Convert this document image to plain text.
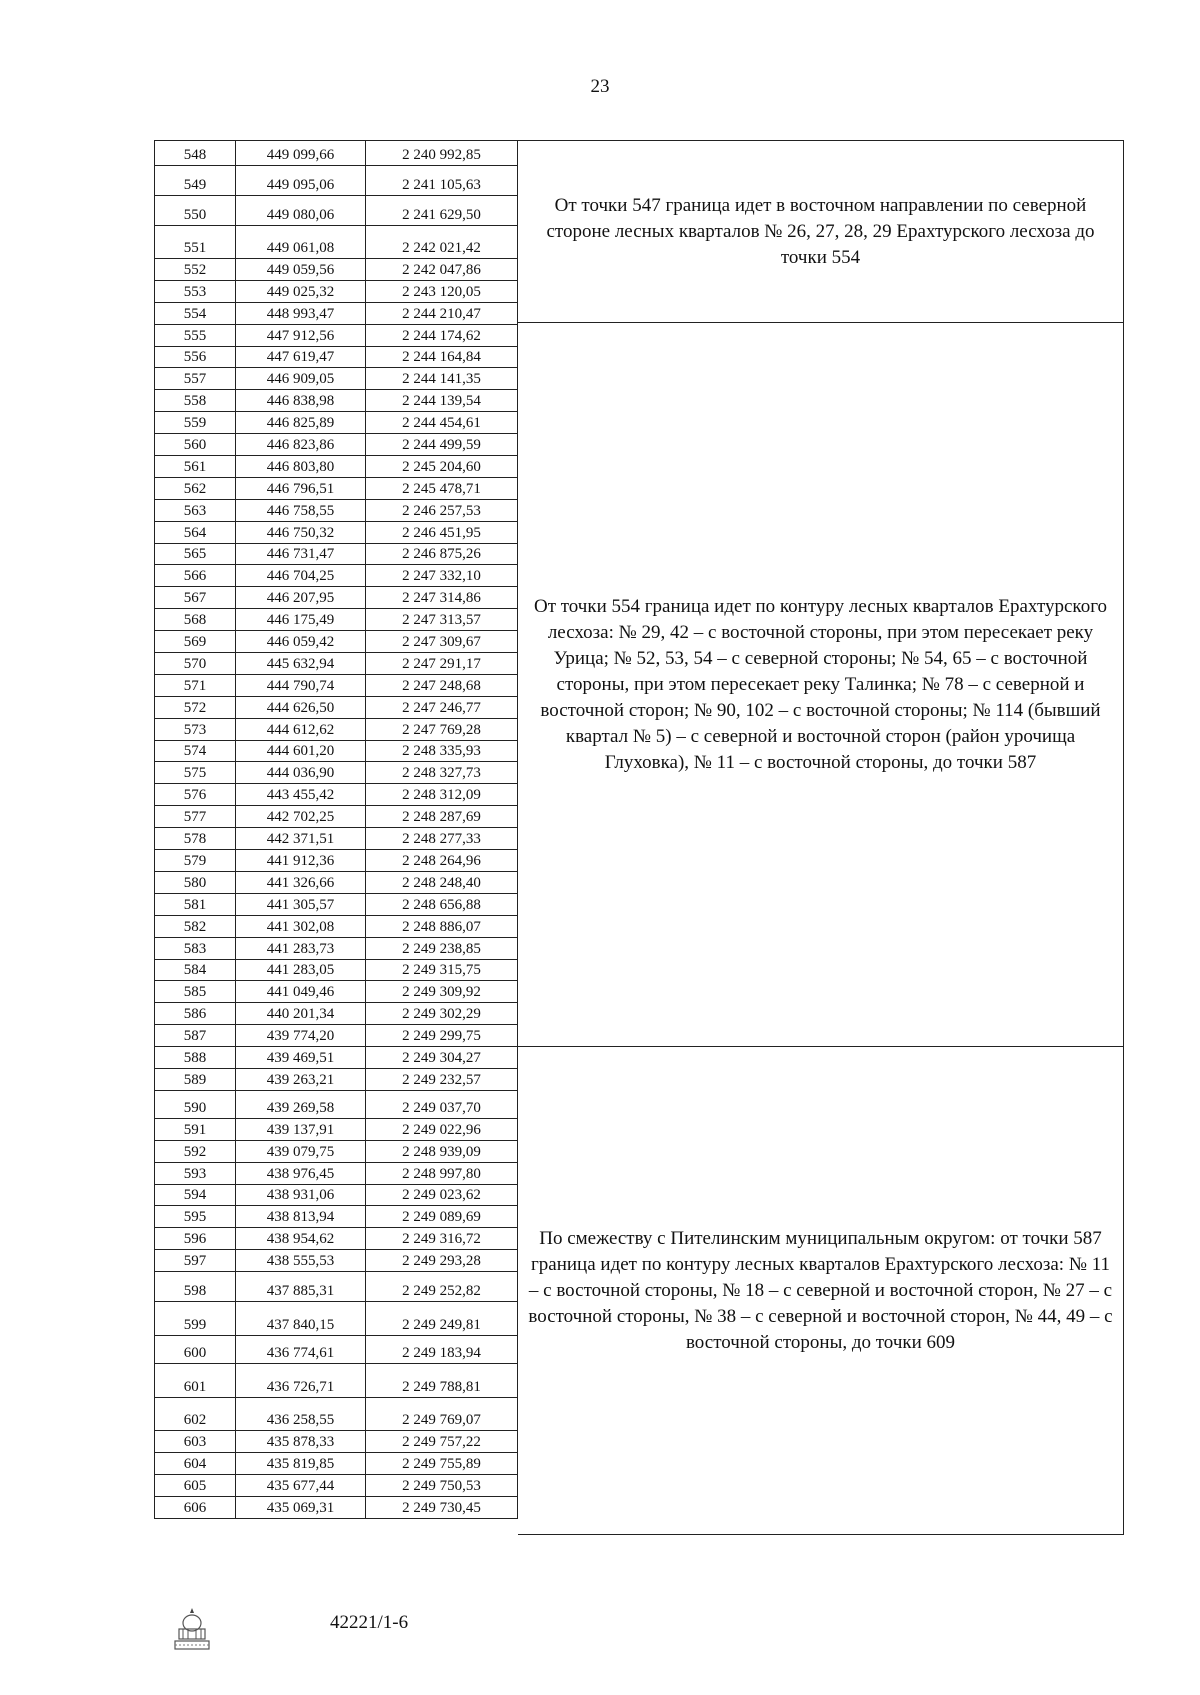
23
548	449 099,66	2 240 992,85
549	449 095,06	2 241 105,63
550	449 080,06	2 241 629,50
551	449 061,08	2 242 021,42
552	449 059,56	2 242 047,86
553	449 025,32	2 243 120,05
554	448 993,47	2 244 210,47
555	447 912,56	2 244 174,62
556	447 619,47	2 244 164,84
557	446 909,05	2 244 141,35
558	446 838,98	2 244 139,54
559	446 825,89	2 244 454,61
560	446 823,86	2 244 499,59
561	446 803,80	2 245 204,60
562	446 796,51	2 245 478,71
563	446 758,55	2 246 257,53
564	446 750,32	2 246 451,95
565	446 731,47	2 246 875,26
566	446 704,25	2 247 332,10
567	446 207,95	2 247 314,86
568	446 175,49	2 247 313,57
569	446 059,42	2 247 309,67
570	445 632,94	2 247 291,17
571	444 790,74	2 247 248,68
572	444 626,50	2 247 246,77
573	444 612,62	2 247 769,28
574	444 601,20	2 248 335,93
575	444 036,90	2 248 327,73
576	443 455,42	2 248 312,09
577	442 702,25	2 248 287,69
578	442 371,51	2 248 277,33
579	441 912,36	2 248 264,96
580	441 326,66	2 248 248,40
581	441 305,57	2 248 656,88
582	441 302,08	2 248 886,07
583	441 283,73	2 249 238,85
584	441 283,05	2 249 315,75
585	441 049,46	2 249 309,92
586	440 201,34	2 249 302,29
587	439 774,20	2 249 299,75
588	439 469,51	2 249 304,27
589	439 263,21	2 249 232,57
590	439 269,58	2 249 037,70
591	439 137,91	2 249 022,96
592	439 079,75	2 248 939,09
593	438 976,45	2 248 997,80
594	438 931,06	2 249 023,62
595	438 813,94	2 249 089,69
596	438 954,62	2 249 316,72
597	438 555,53	2 249 293,28
598	437 885,31	2 249 252,82
599	437 840,15	2 249 249,81
600	436 774,61	2 249 183,94
601	436 726,71	2 249 788,81
602	436 258,55	2 249 769,07
603	435 878,33	2 249 757,22
604	435 819,85	2 249 755,89
605	435 677,44	2 249 750,53
606	435 069,31	2 249 730,45

От точки 547 граница идет в восточном направлении по северной стороне лесных кварталов № 26, 27, 28, 29 Ерахтурского лесхоза до точки 554

От точки 554 граница идет по контуру лесных кварталов Ерахтурского лесхоза: № 29, 42 – с восточной стороны, при этом пересекает реку Урица; № 52, 53, 54 – с северной стороны; № 54, 65 – с восточной стороны, при этом пересекает реку Талинка; № 78 – с северной и восточной сторон; № 90, 102 – с восточной стороны; № 114 (бывший квартал № 5) – с северной и восточной сторон (район урочища Глуховка), № 11 – с восточной стороны, до точки 587

По смежеству с Пителинским муниципальным округом: от точки 587 граница идет по контуру лесных кварталов Ерахтурского лесхоза: № 11 – с восточной стороны, № 18 – с северной и восточной сторон, № 27 – с восточной стороны, № 38 – с северной и восточной сторон, № 44, 49 – с восточной стороны, до точки 609

42221/1-6
